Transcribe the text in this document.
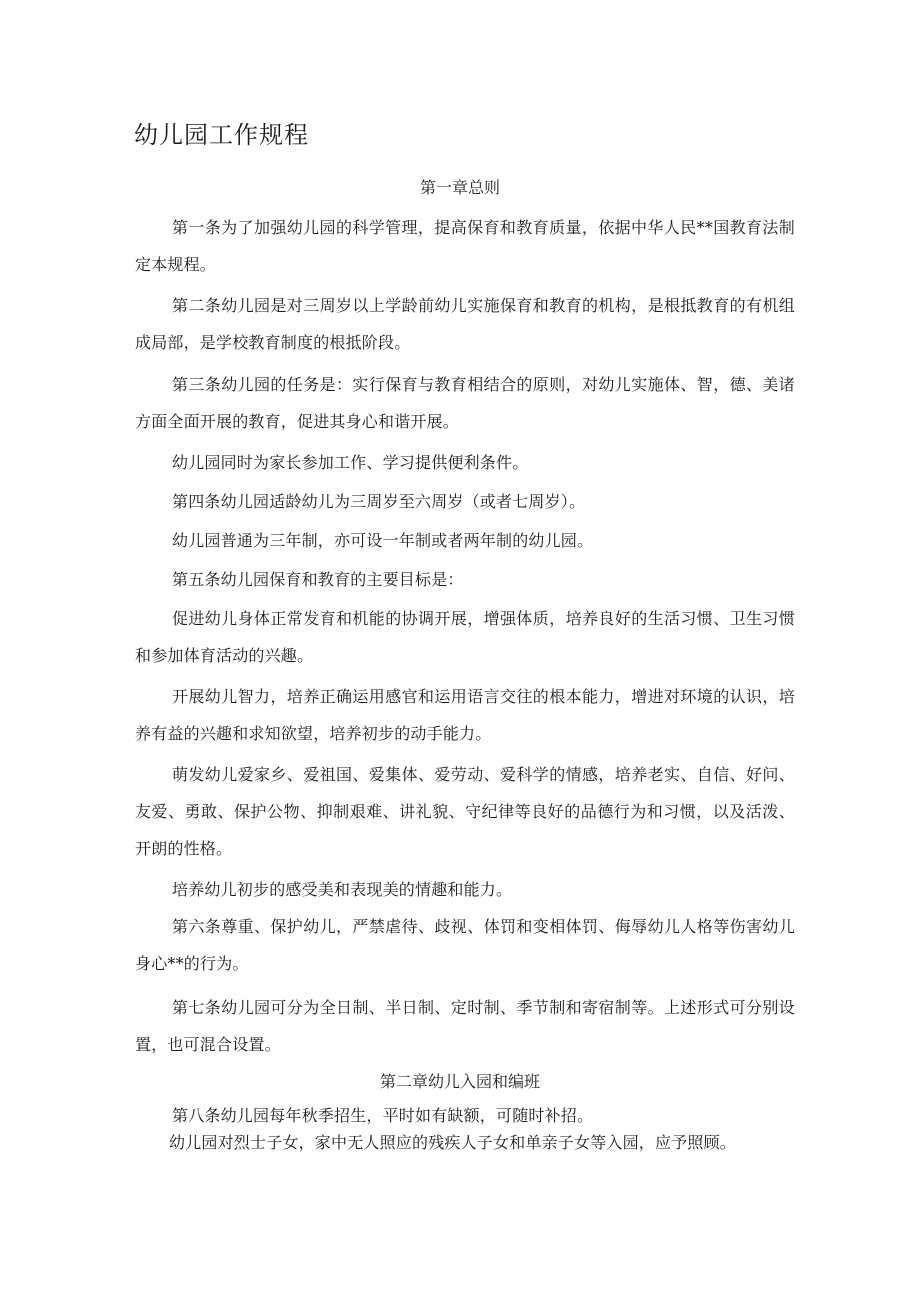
幼儿园工作规程
第一章总则

第一条为了加强幼儿园的科学管理，提高保育和教育质量，依据中华人民**国教育法制定本规程。

第二条幼儿园是对三周岁以上学龄前幼儿实施保育和教育的机构，是根抵教育的有机组成局部，是学校教育制度的根抵阶段。

第三条幼儿园的任务是：实行保育与教育相结合的原则，对幼儿实施体、智，德、美诸方面全面开展的教育，促进其身心和谐开展。

幼儿园同时为家长参加工作、学习提供便利条件。

第四条幼儿园适龄幼儿为三周岁至六周岁（或者七周岁）。

幼儿园普通为三年制，亦可设一年制或者两年制的幼儿园。

第五条幼儿园保育和教育的主要目标是：

促进幼儿身体正常发育和机能的协调开展，增强体质，培养良好的生活习惯、卫生习惯和参加体育活动的兴趣。

开展幼儿智力，培养正确运用感官和运用语言交往的根本能力，增进对环境的认识，培养有益的兴趣和求知欲望，培养初步的动手能力。

萌发幼儿爱家乡、爱祖国、爱集体、爱劳动、爱科学的情感，培养老实、自信、好问、友爱、勇敢、保护公物、抑制艰难、讲礼貌、守纪律等良好的品德行为和习惯，以及活泼、开朗的性格。

培养幼儿初步的感受美和表现美的情趣和能力。

第六条尊重、保护幼儿，严禁虐待、歧视、体罚和变相体罚、侮辱幼儿人格等伤害幼儿身心**的行为。

第七条幼儿园可分为全日制、半日制、定时制、季节制和寄宿制等。上述形式可分别设置，也可混合设置。

第二章幼儿入园和编班

第八条幼儿园每年秋季招生，平时如有缺额，可随时补招。

幼儿园对烈士子女，家中无人照应的残疾人子女和单亲子女等入园，应予照顾。
